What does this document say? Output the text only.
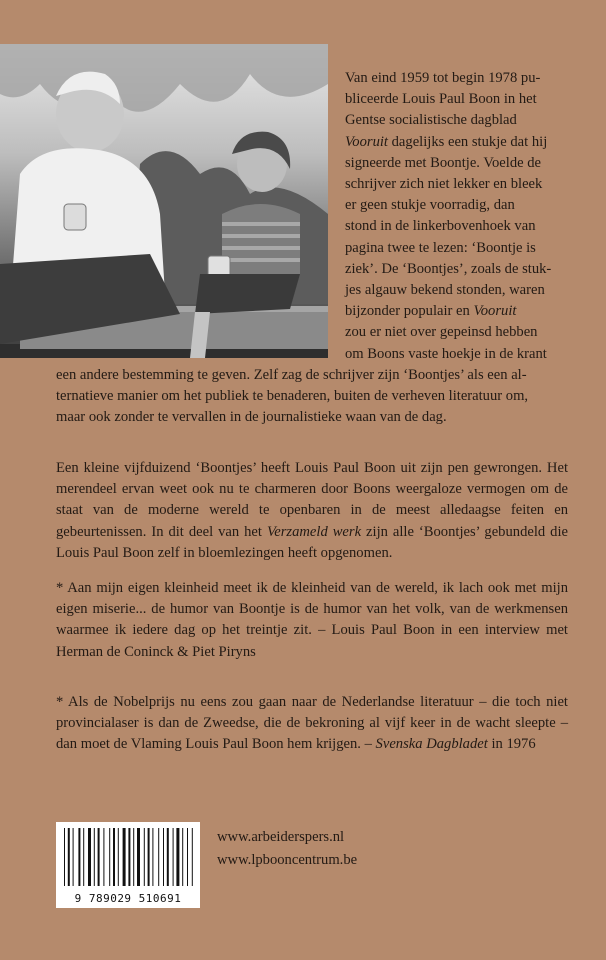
Van eind 1959 tot begin 1978 pu-
bliceerde Louis Paul Boon in het
Gentse socialistische dagblad
Vooruit dagelijks een stukje dat hij
signeerde met Boontje. Voelde de
schrijver zich niet lekker en bleek
er geen stukje voorradig, dan
stond in de linkerbovenhoek van
pagina twee te lezen: ‘Boontje is
ziek’. De ‘Boontjes’, zoals de stuk-
jes algauw bekend stonden, waren
bijzonder populair en Vooruit
zou er niet over gepeinsd hebben
om Boons vaste hoekje in de krant
een andere bestemming te geven. Zelf zag de schrijver zijn ‘Boontjes’ als een al-
ternatieve manier om het publiek te benaderen, buiten de verheven literatuur om,
maar ook zonder te vervallen in de journalistieke waan van de dag.

Een kleine vijfduizend ‘Boontjes’ heeft Louis Paul Boon uit zijn pen gewrongen. Het merendeel ervan weet ook nu te charmeren door Boons weergaloze vermogen om de staat van de moderne wereld te openbaren in de meest alledaagse feiten en gebeurtenissen. In dit deel van het Verzameld werk zijn alle ‘Boontjes’ gebundeld die Louis Paul Boon zelf in bloemlezingen heeft opgenomen.

* Aan mijn eigen kleinheid meet ik de kleinheid van de wereld, ik lach ook met mijn eigen miserie... de humor van Boontje is de humor van het volk, van de werkmensen waarmee ik iedere dag op het treintje zit. – Louis Paul Boon in een interview met Herman de Coninck & Piet Piryns

* Als de Nobelprijs nu eens zou gaan naar de Nederlandse literatuur – die toch niet provincialaser is dan de Zweedse, die de bekroning al vijf keer in de wacht sleepte – dan moet de Vlaming Louis Paul Boon hem krijgen. – Svenska Dagbladet in 1976

9 789029 510691
www.arbeiderspers.nl
www.lpbooncentrum.be
